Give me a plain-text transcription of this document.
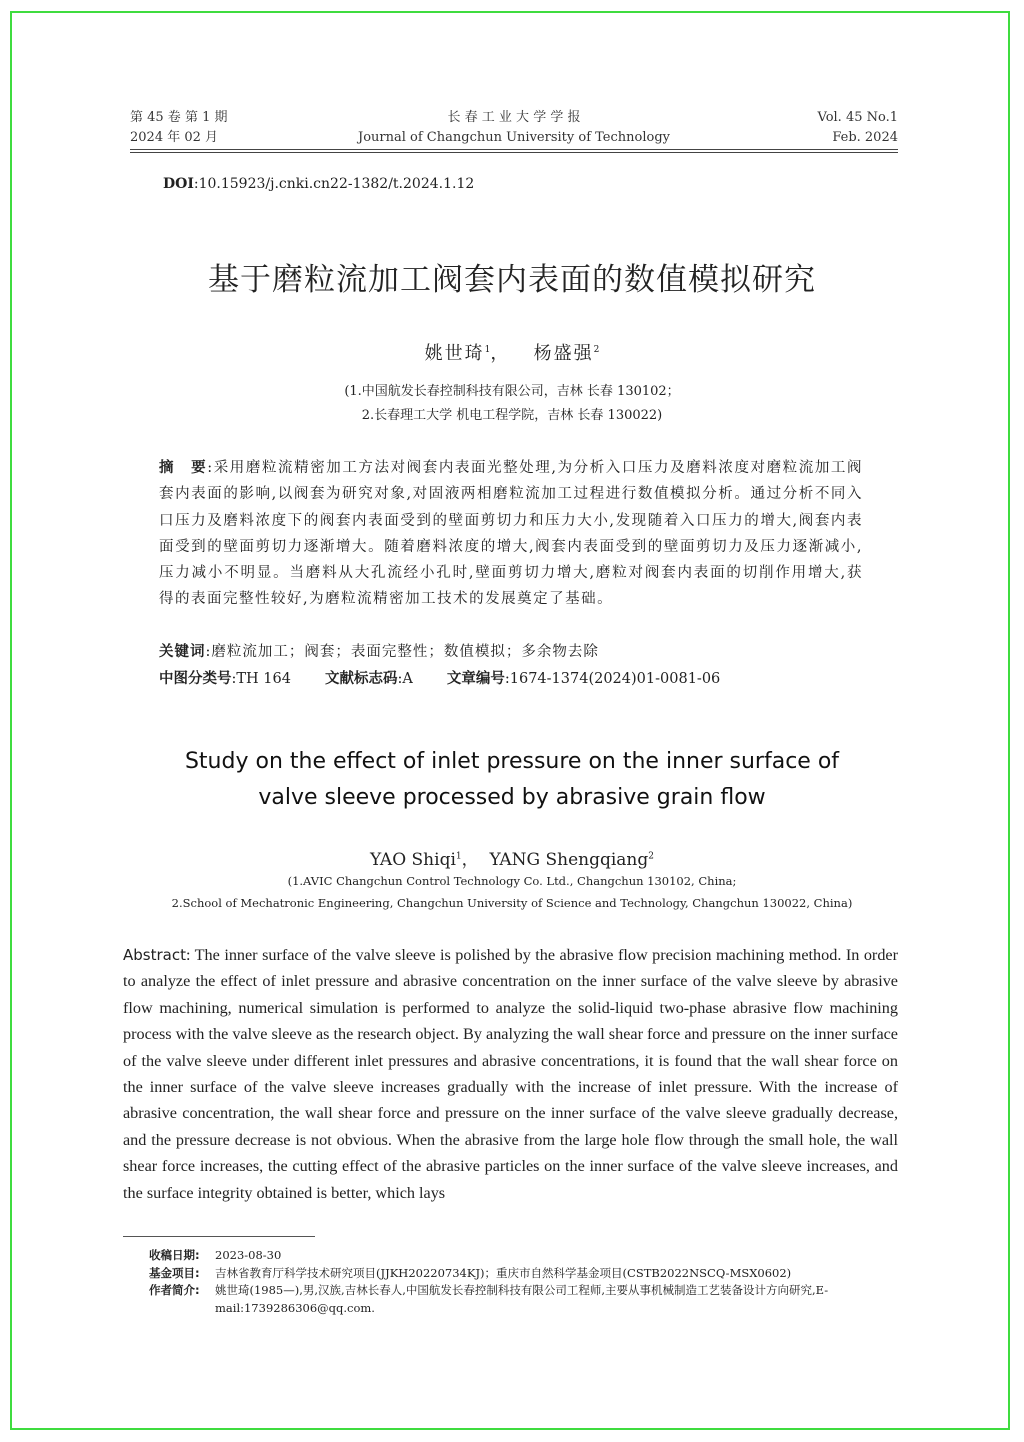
第 45 卷 第 1 期
2024 年 02 月
长 春 工 业 大 学 学 报
Journal of Changchun University of Technology
Vol. 45 No.1
Feb. 2024
DOI:10.15923/j.cnki.cn22-1382/t.2024.1.12
基于磨粒流加工阀套内表面的数值模拟研究
姚世琦$^1$， 杨盛强$^2$
(1.中国航发长春控制科技有限公司，吉林 长春 130102；
2.长春理工大学 机电工程学院，吉林 长春 130022)
摘　要:采用磨粒流精密加工方法对阀套内表面光整处理,为分析入口压力及磨料浓度对磨粒流加工阀套内表面的影响,以阀套为研究对象,对固液两相磨粒流加工过程进行数值模拟分析。通过分析不同入口压力及磨料浓度下的阀套内表面受到的壁面剪切力和压力大小,发现随着入口压力的增大,阀套内表面受到的壁面剪切力逐渐增大。随着磨料浓度的增大,阀套内表面受到的壁面剪切力及压力逐渐减小,压力减小不明显。当磨料从大孔流经小孔时,壁面剪切力增大,磨粒对阀套内表面的切削作用增大,获得的表面完整性较好,为磨粒流精密加工技术的发展奠定了基础。
关键词:磨粒流加工；阀套；表面完整性；数值模拟；多余物去除
中图分类号:TH 164 文献标志码:A 文章编号:1674-1374(2024)01-0081-06
Study on the effect of inlet pressure on the inner surface of
valve sleeve processed by abrasive grain flow
YAO Shiqi$^1$， YANG Shengqiang$^2$
(1.AVIC Changchun Control Technology Co. Ltd., Changchun 130102, China;
2.School of Mechatronic Engineering, Changchun University of Science and Technology, Changchun 130022, China)
Abstract: The inner surface of the valve sleeve is polished by the abrasive flow precision machining method. In order to analyze the effect of inlet pressure and abrasive concentration on the inner surface of the valve sleeve by abrasive flow machining, numerical simulation is performed to analyze the solid-liquid two-phase abrasive flow machining process with the valve sleeve as the research object. By analyzing the wall shear force and pressure on the inner surface of the valve sleeve under different inlet pressures and abrasive concentrations, it is found that the wall shear force on the inner surface of the valve sleeve increases gradually with the increase of inlet pressure. With the increase of abrasive concentration, the wall shear force and pressure on the inner surface of the valve sleeve gradually decrease, and the pressure decrease is not obvious. When the abrasive from the large hole flow through the small hole, the wall shear force increases, the cutting effect of the abrasive particles on the inner surface of the valve sleeve increases, and the surface integrity obtained is better, which lays
收稿日期: 2023-08-30
基金项目: 吉林省教育厅科学技术研究项目(JJKH20220734KJ)；重庆市自然科学基金项目(CSTB2022NSCQ-MSX0602)
作者简介: 姚世琦(1985—),男,汉族,吉林长春人,中国航发长春控制科技有限公司工程师,主要从事机械制造工艺装备设计方向研究,E-mail:1739286306@qq.com.
